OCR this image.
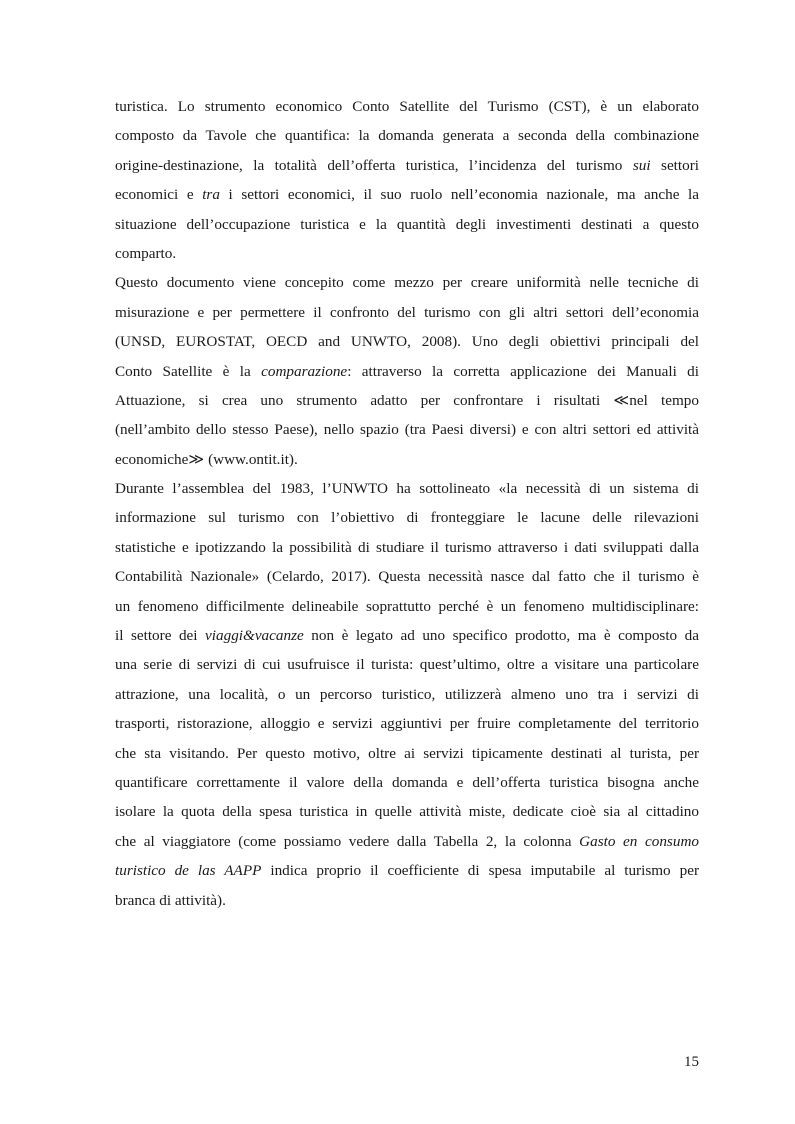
turistica. Lo strumento economico Conto Satellite del Turismo (CST), è un elaborato
composto da Tavole che quantifica: la domanda generata a seconda della combinazione
origine-destinazione, la totalità dell’offerta turistica, l’incidenza del turismo sui settori
economici e tra i settori economici, il suo ruolo nell’economia nazionale, ma anche la
situazione dell’occupazione turistica e la quantità degli investimenti destinati a questo
comparto.
Questo documento viene concepito come mezzo per creare uniformità nelle tecniche di
misurazione e per permettere il confronto del turismo con gli altri settori dell’economia
(UNSD, EUROSTAT, OECD and UNWTO, 2008). Uno degli obiettivi principali del
Conto Satellite è la comparazione: attraverso la corretta applicazione dei Manuali di
Attuazione, si crea uno strumento adatto per confrontare i risultati ≪nel tempo
(nell’ambito dello stesso Paese), nello spazio (tra Paesi diversi) e con altri settori ed attività
economiche≫ (www.ontit.it).
Durante l’assemblea del 1983, l’UNWTO ha sottolineato «la necessità di un sistema di
informazione sul turismo con l’obiettivo di fronteggiare le lacune delle rilevazioni
statistiche e ipotizzando la possibilità di studiare il turismo attraverso i dati sviluppati dalla
Contabilità Nazionale» (Celardo, 2017). Questa necessità nasce dal fatto che il turismo è
un fenomeno difficilmente delineabile soprattutto perché è un fenomeno multidisciplinare:
il settore dei viaggi&vacanze non è legato ad uno specifico prodotto, ma è composto da
una serie di servizi di cui usufruisce il turista: quest’ultimo, oltre a visitare una particolare
attrazione, una località, o un percorso turistico, utilizzerà almeno uno tra i servizi di
trasporti, ristorazione, alloggio e servizi aggiuntivi per fruire completamente del territorio
che sta visitando. Per questo motivo, oltre ai servizi tipicamente destinati al turista, per
quantificare correttamente il valore della domanda e dell’offerta turistica bisogna anche
isolare la quota della spesa turistica in quelle attività miste, dedicate cioè sia al cittadino
che al viaggiatore (come possiamo vedere dalla Tabella 2, la colonna Gasto en consumo
turistico de las AAPP indica proprio il coefficiente di spesa imputabile al turismo per
branca di attività).
15
